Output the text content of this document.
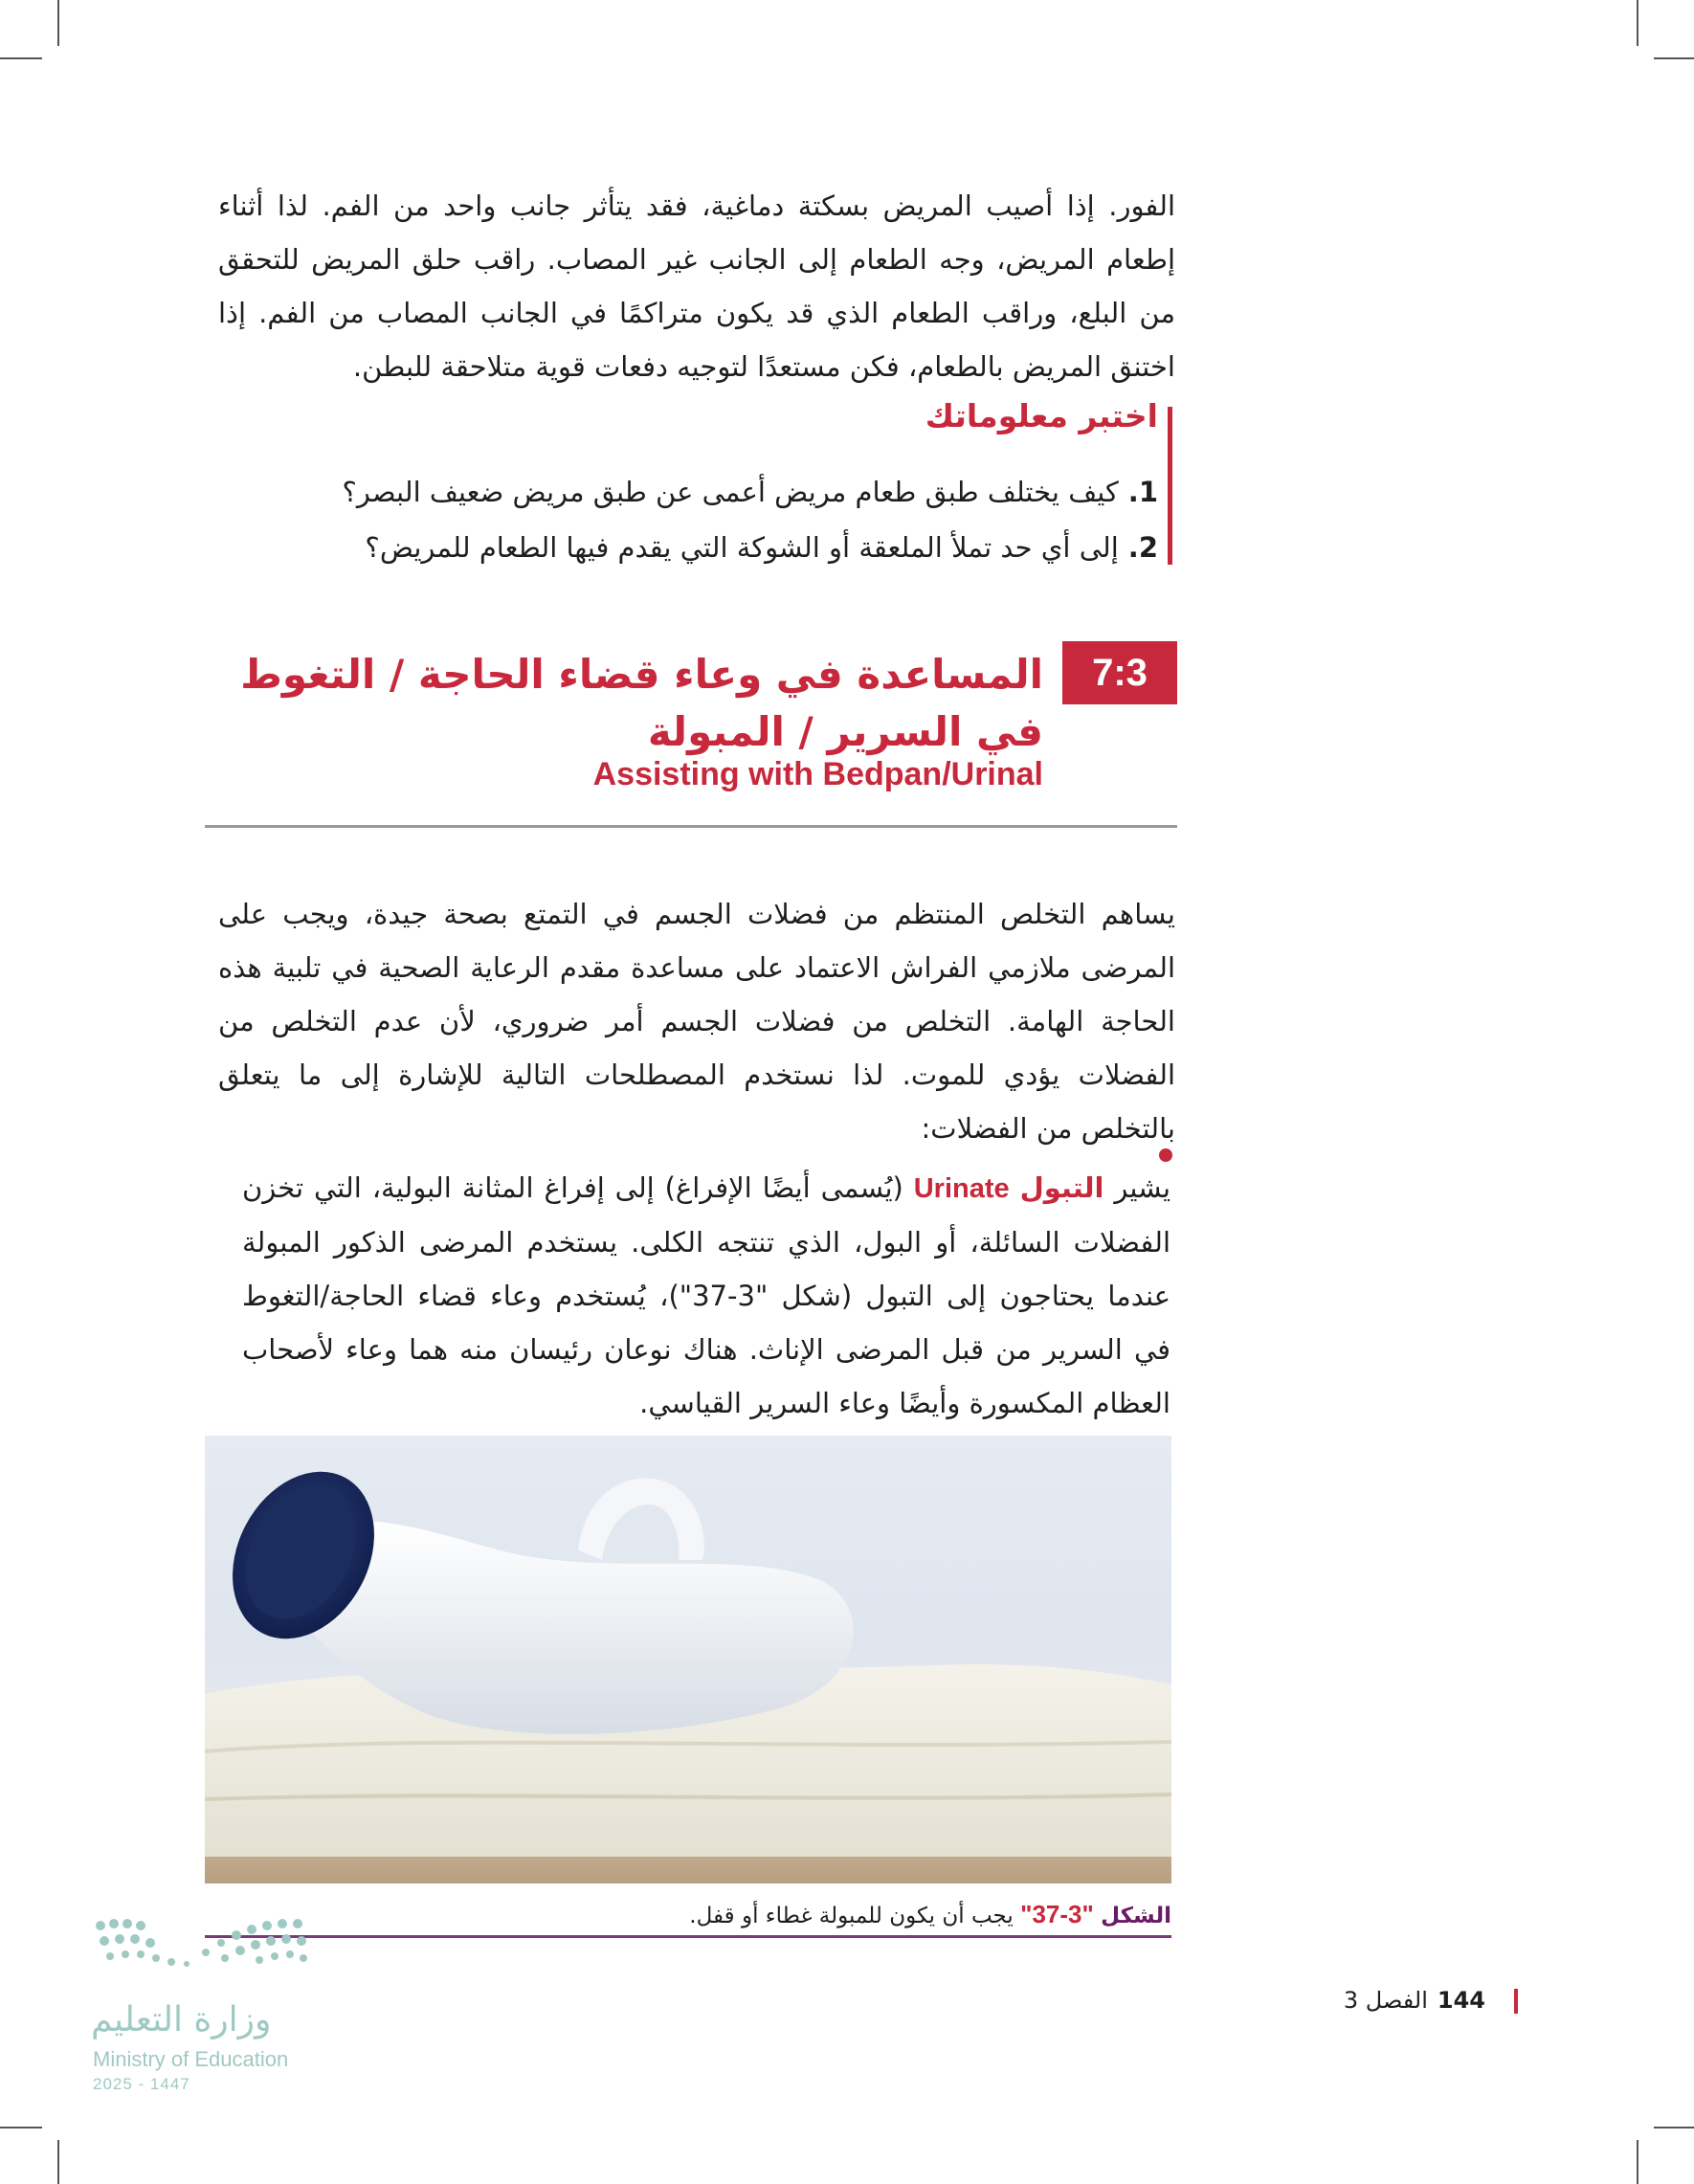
الفور. إذا أصيب المريض بسكتة دماغية، فقد يتأثر جانب واحد من الفم. لذا أثناء إطعام المريض، وجه الطعام إلى الجانب غير المصاب. راقب حلق المريض للتحقق من البلع، وراقب الطعام الذي قد يكون متراكمًا في الجانب المصاب من الفم. إذا اختنق المريض بالطعام، فكن مستعدًا لتوجيه دفعات قوية متلاحقة للبطن.

اختبر معلوماتك
1.كيف يختلف طبق طعام مريض أعمى عن طبق مريض ضعيف البصر؟
2.إلى أي حد تملأ الملعقة أو الشوكة التي يقدم فيها الطعام للمريض؟
7:3
المساعدة في وعاء قضاء الحاجة / التغوط في السرير / المبولة
Assisting with Bedpan/Urinal

يساهم التخلص المنتظم من فضلات الجسم في التمتع بصحة جيدة، ويجب على المرضى ملازمي الفراش الاعتماد على مساعدة مقدم الرعاية الصحية في تلبية هذه الحاجة الهامة. التخلص من فضلات الجسم أمر ضروري، لأن عدم التخلص من الفضلات يؤدي للموت. لذا نستخدم المصطلحات التالية للإشارة إلى ما يتعلق بالتخلص من الفضلات:

يشير التبول Urinate (يُسمى أيضًا الإفراغ) إلى إفراغ المثانة البولية، التي تخزن الفضلات السائلة، أو البول، الذي تنتجه الكلى. يستخدم المرضى الذكور المبولة عندما يحتاجون إلى التبول (شكل "3-37")، يُستخدم وعاء قضاء الحاجة/التغوط في السرير من قبل المرضى الإناث. هناك نوعان رئيسان منه هما وعاء لأصحاب العظام المكسورة وأيضًا وعاء السرير القياسي.

الشكل "3-37" يجب أن يكون للمبولة غطاء أو قفل.
144الفصل 3
وزارة التعليم
Ministry of Education
2025 - 1447
